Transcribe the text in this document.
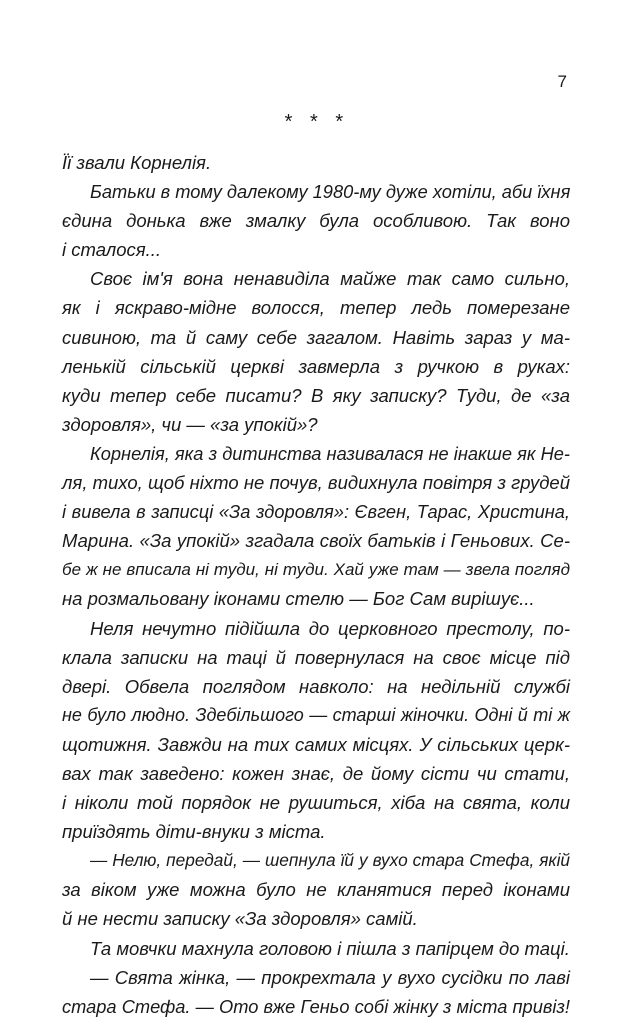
7
* * *
Її звали Корнелія.
Батьки в тому далекому 1980-му дуже хотіли, аби їхня
єдина донька вже змалку була особливою. Так воно
і сталося...
Своє ім'я вона ненавиділа майже так само сильно,
як і яскраво-мідне волосся, тепер ледь померезане
сивиною, та й саму себе загалом. Навіть зараз у ма-
ленькій сільській церкві завмерла з ручкою в руках:
куди тепер себе писати? В яку записку? Туди, де «за
здоровля», чи — «за упокій»?
Корнелія, яка з дитинства називалася не інакше як Не-
ля, тихо, щоб ніхто не почув, видихнула повітря з грудей
і вивела в записці «За здоровля»: Євген, Тарас, Христина,
Марина. «За упокій» згадала своїх батьків і Геньових. Се-
бе ж не вписала ні туди, ні туди. Хай уже там — звела погляд
на розмальовану іконами стелю — Бог Сам вирішує...
Неля нечутно підійшла до церковного престолу, по-
клала записки на таці й повернулася на своє місце під
двері. Обвела поглядом навколо: на недільній службі
не було людно. Здебільшого — старші жіночки. Одні й ті ж
щотижня. Завжди на тих самих місцях. У сільських церк-
вах так заведено: кожен знає, де йому сісти чи стати,
і ніколи той порядок не рушиться, хіба на свята, коли
приїздять діти-внуки з міста.
— Нелю, передай, — шепнула їй у вухо стара Стефа, якій
за віком уже можна було не кланятися перед іконами
й не нести записку «За здоровля» самій.
Та мовчки махнула головою і пішла з папірцем до таці.
— Свята жінка, — прокрехтала у вухо сусідки по лаві
стара Стефа. — Ото вже Геньо собі жінку з міста привіз!
